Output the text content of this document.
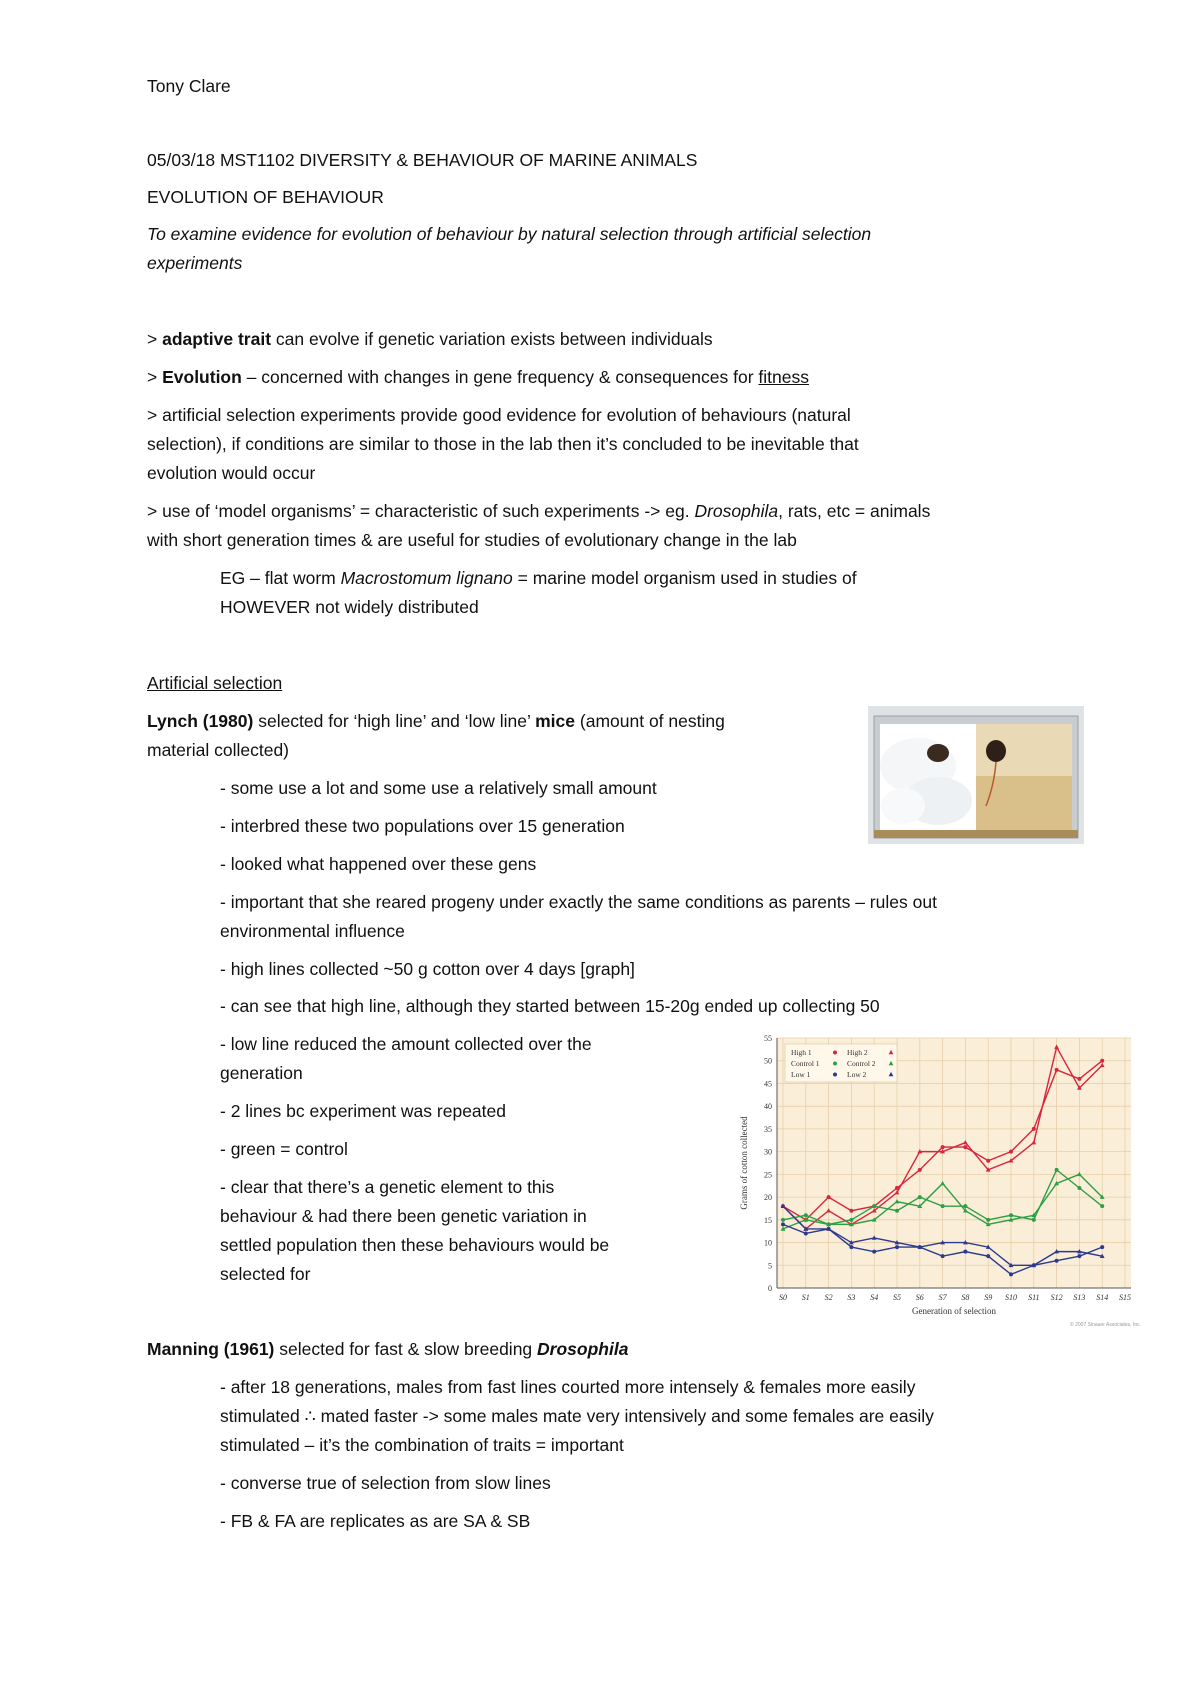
Tony Clare
05/03/18 MST1102 DIVERSITY & BEHAVIOUR OF MARINE ANIMALS
EVOLUTION OF BEHAVIOUR
To examine evidence for evolution of behaviour by natural selection through artificial selection
experiments
> adaptive trait can evolve if genetic variation exists between individuals
> Evolution – concerned with changes in gene frequency & consequences for fitness
> artificial selection experiments provide good evidence for evolution of behaviours (natural
selection), if conditions are similar to those in the lab then it’s concluded to be inevitable that
evolution would occur
> use of ‘model organisms’ = characteristic of such experiments -> eg. Drosophila, rats, etc = animals
with short generation times & are useful for studies of evolutionary change in the lab
EG – flat worm Macrostomum lignano = marine model organism used in studies of
HOWEVER not widely distributed
Artificial selection
Lynch (1980) selected for ‘high line’ and ‘low line’ mice (amount of nesting
material collected)
- some use a lot and some use a relatively small amount
- interbred these two populations over 15 generation
- looked what happened over these gens
- important that she reared progeny under exactly the same conditions as parents – rules out
environmental influence
- high lines collected ~50 g cotton over 4 days [graph]
- can see that high line, although they started between 15-20g ended up collecting 50
- low line reduced the amount collected over the
generation
- 2 lines bc experiment was repeated
- green = control
- clear that there’s a genetic element to this
behaviour & had there been genetic variation in
settled population then these behaviours would be
selected for
Grams of cotton collected
Generation of selection
0
5
10
15
20
25
30
35
40
45
50
55
S0 S1 S2 S3 S4 S5 S6 S7 S8 S9 S10 S11 S12 S13 S14 S15
High 1	High 2
Control 1	Control 2
Low 1	Low 2
© 2007 Sinauer Associates, Inc.
Manning (1961) selected for fast & slow breeding Drosophila
- after 18 generations, males from fast lines courted more intensely & females more easily
stimulated ∴ mated faster -> some males mate very intensively and some females are easily
stimulated – it’s the combination of traits = important
- converse true of selection from slow lines
- FB & FA are replicates as are SA & SB
